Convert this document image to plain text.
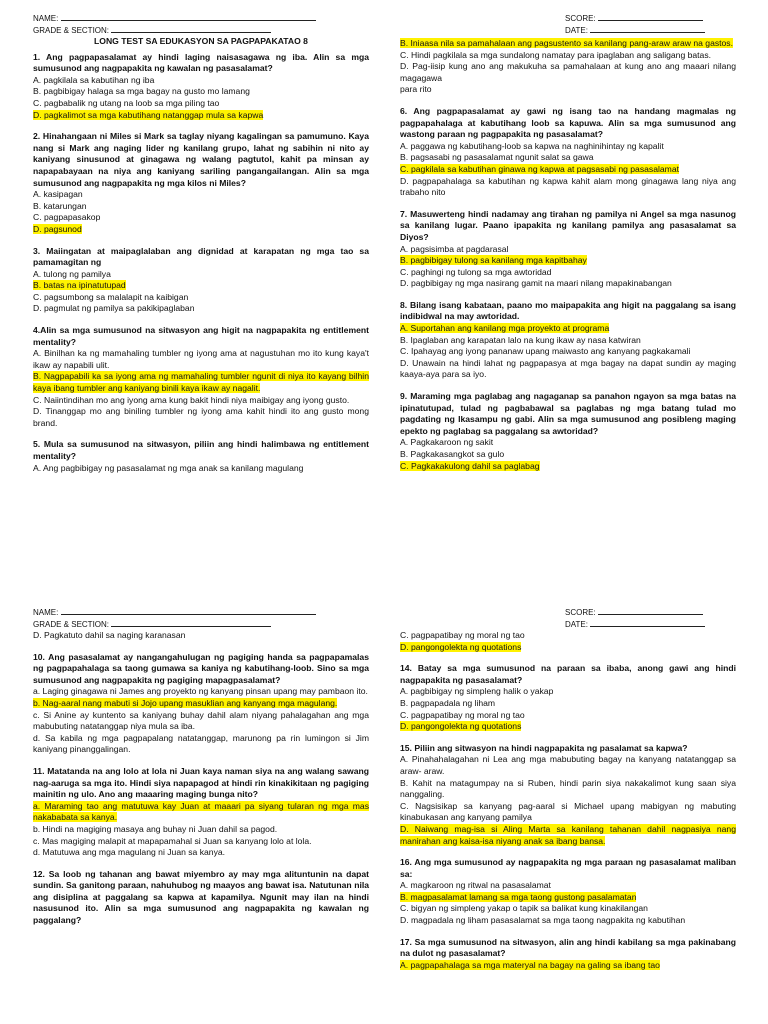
NAME:
GRADE & SECTION:
LONG TEST SA EDUKASYON SA PAGPAPAKATAO 8
1. Ang pagpapasalamat ay hindi laging naisasagawa ng iba. Alin sa mga sumusunod ang nagpapakita ng kawalan ng pasasalamat?
A. pagkilala sa kabutihan ng iba
B. pagbibigay halaga sa mga bagay na gusto mo lamang
C. pagbabalik ng utang na loob sa mga piling tao
D. pagkalimot sa mga kabutihang natanggap mula sa kapwa
2. Hinahangaan ni Miles si Mark sa taglay niyang kagalingan sa pamumuno. Kaya nang si Mark ang naging lider ng kanilang grupo, lahat ng sabihin ni nito ay kaniyang sinusunod at ginagawa ng walang pagtutol, kahit pa minsan ay napapabayaan na niya ang kaniyang sariling pangangailangan. Alin sa mga sumusunod ang nagpapakita ng mga kilos ni Miles?
A. kasipagan
B. katarungan
C. pagpapasakop
D. pagsunod
3. Maiingatan at maipaglalaban ang dignidad at karapatan ng mga tao sa pamamagitan ng
A. tulong ng pamilya
B. batas na ipinatutupad
C. pagsumbong sa malalapit na kaibigan
D. pagmulat ng pamilya sa pakikipaglaban
4.Alin sa mga sumusunod na sitwasyon ang higit na nagpapakita ng entitlement mentality?
A. Binilhan ka ng mamahaling tumbler ng iyong ama at nagustuhan mo ito kung kaya't ikaw ay napabili ulit.
B. Nagpapabili ka sa iyong ama ng mamahaling tumbler ngunit di niya ito kayang bilhin kaya ibang tumbler ang kaniyang binili kaya ikaw ay nagalit.
C. Naiintindihan mo ang iyong ama kung bakit hindi niya maibigay ang iyong gusto.
D. Tinanggap mo ang biniling tumbler ng iyong ama kahit hindi ito ang gusto mong brand.
5. Mula sa sumusunod na sitwasyon, piliin ang hindi halimbawa ng entitlement mentality?
A. Ang pagbibigay ng pasasalamat ng mga anak sa kanilang magulang
SCORE:
DATE:
B. Iniaasa nila sa pamahalaan ang pagsustento sa kanilang pang-araw araw na gastos.
C. Hindi pagkilala sa mga sundalong namatay para ipaglaban ang saligang batas.
D. Pag-iisip kung ano ang makukuha sa pamahalaan at kung ano ang maaari nilang magagawa
para rito
6. Ang pagpapasalamat ay gawi ng isang tao na handang magmalas ng pagpapahalaga at kabutihang loob sa kapuwa. Alin sa mga sumusunod ang wastong paraan ng pagpapakita ng pasasalamat?
A. paggawa ng kabutihang-loob sa kapwa na naghinihintay ng kapalit
B. pagsasabi ng pasasalamat ngunit salat sa gawa
C. pagkilala sa kabutihan ginawa ng kapwa at pagsasabi ng pasasalamat
D. pagpapahalaga sa kabutihan ng kapwa kahit alam mong ginagawa lang niya ang trabaho nito
7. Masuwerteng hindi nadamay ang tirahan ng pamilya ni Angel sa mga nasunog sa kanilang lugar. Paano ipapakita ng kanilang pamilya ang pasasalamat sa Diyos?
A. pagsisimba at pagdarasal
B. pagbibigay tulong sa kanilang mga kapitbahay
C. paghingi ng tulong sa mga awtoridad
D. pagbibigay ng mga nasirang gamit na maari nilang mapakinabangan
8. Bilang isang kabataan, paano mo maipapakita ang higit na paggalang sa isang indibidwal na may awtoridad.
A. Suportahan ang kanilang mga proyekto at programa
B. Ipaglaban ang karapatan lalo na kung ikaw ay nasa katwiran
C. Ipahayag ang iyong pananaw upang maiwasto ang kanyang pagkakamali
D. Unawain na hindi lahat ng pagpapasya at mga bagay na dapat sundin ay maging kaaya-aya para sa iyo.
9. Maraming mga paglabag ang nagaganap sa panahon ngayon sa mga batas na ipinatutupad, tulad ng pagbabawal sa paglabas ng mga batang tulad mo pagdating ng Ikasampu ng gabi. Alin sa mga sumusunod ang posibleng maging epekto ng paglabag sa paggalang sa awtoridad?
A. Pagkakaroon ng sakit
B. Pagkakasangkot sa gulo
C. Pagkakakulong dahil sa paglabag
NAME:
GRADE & SECTION:
D. Pagkatuto dahil sa naging karanasan
10. Ang pasasalamat ay nangangahulugan ng pagiging handa sa pagpapamalas ng pagpapahalaga sa taong gumawa sa kaniya ng kabutihang-loob. Sino sa mga sumusunod ang nagpapakita ng pagiging mapagpasalamat?
a. Laging ginagawa ni James ang proyekto ng kanyang pinsan upang may pambaon ito.
b. Nag-aaral nang mabuti si Jojo upang masuklian ang kanyang mga magulang.
c. Si Anine ay kuntento sa kaniyang buhay dahil alam niyang pahalagahan ang mga mabubuting natatanggap niya mula sa iba.
d. Sa kabila ng mga pagpapalang natatanggap, marunong pa rin lumingon si Jim kaniyang pinanggalingan.
11. Matatanda na ang lolo at lola ni Juan kaya naman siya na ang walang sawang nag-aaruga sa mga ito. Hindi siya napapagod at hindi rin kinakikitaan ng pagiging mainitin ng ulo. Ano ang maaaring maging bunga nito?
a. Maraming tao ang matutuwa kay Juan at maaari pa siyang tularan ng mga mas nakababata sa kanya.
b. Hindi na magiging masaya ang buhay ni Juan dahil sa pagod.
c. Mas magiging malapit at mapapamahal si Juan sa kanyang lolo at lola.
d. Matutuwa ang mga magulang ni Juan sa kanya.
12. Sa loob ng tahanan ang bawat miyembro ay may mga alituntunin na dapat sundin. Sa ganitong paraan, nahuhubog ng maayos ang bawat isa. Natutunan nila ang disiplina at paggalang sa kapwa at kapamilya. Ngunit may ilan na hindi nasusunod ito. Alin sa mga sumusunod ang nagpapakita ng kawalan ng paggalang?
SCORE:
DATE:
C. pagpapatibay ng moral ng tao
D. pangongolekta ng quotations
14. Batay sa mga sumusunod na paraan sa ibaba, anong gawi ang hindi nagpapakita ng pasasalamat?
A. pagbibigay ng simpleng halik o yakap
B. pagpapadala ng liham
C. pagpapatibay ng moral ng tao
D. pangongolekta ng quotations
15. Piliin ang sitwasyon na hindi nagpapakita ng pasalamat sa kapwa?
A. Pinahahalagahan ni Lea ang mga mabubuting bagay na kanyang natatanggap sa araw- araw.
B. Kahit na matagumpay na si Ruben, hindi parin siya nakakalimot kung saan siya nanggaling.
C. Nagsisikap sa kanyang pag-aaral si Michael upang mabigyan ng mabuting kinabukasan ang kanyang pamilya
D. Naiwang mag-isa si Aling Marta sa kanilang tahanan dahil nagpasiya nang manirahan ang kaisa-isa niyang anak sa ibang bansa.
16. Ang mga sumusunod ay nagpapakita ng mga paraan ng pasasalamat maliban sa:
A. magkaroon ng ritwal na pasasalamat
B. magpasalamat lamang sa mga taong gustong pasalamatan
C. bigyan ng simpleng yakap o tapik sa balikat kung kinakilangan
D. magpadala ng liham pasasalamat sa mga taong nagpakita ng kabutihan
17. Sa mga sumusunod na sitwasyon, alin ang hindi kabilang sa mga pakinabang na dulot ng pasasalamat?
A. pagpapahalaga sa mga materyal na bagay na galing sa ibang tao
